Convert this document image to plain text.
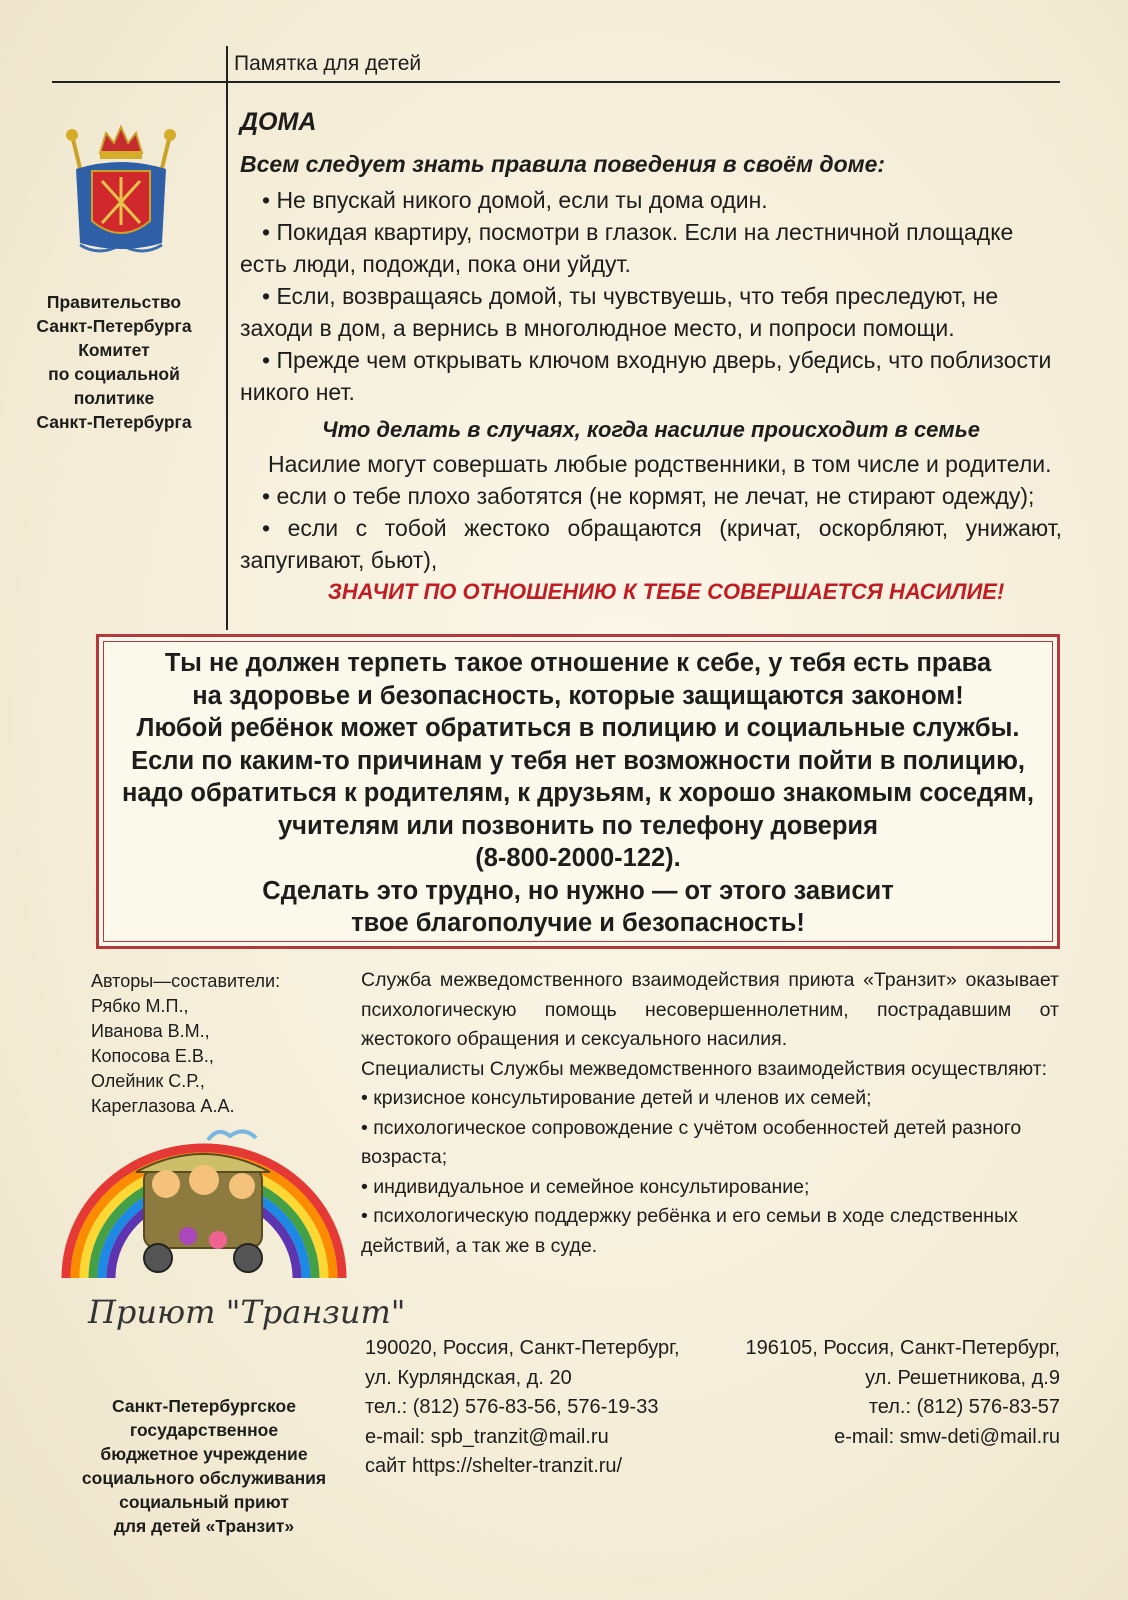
Памятка для детей
Правительство
Санкт-Петербурга
Комитет
по социальной
политике
Санкт-Петербурга
ДОМА
Всем следует знать правила поведения в своём доме:

• Не впускай никого домой, если ты дома один.

• Покидая квартиру, посмотри в глазок. Если на лестничной площадке есть люди, подожди, пока они уйдут.

• Если, возвращаясь домой, ты чувствуешь, что тебя преследуют, не заходи в дом, а вернись в многолюдное место, и попроси помощи.

• Прежде чем открывать ключом входную дверь, убедись, что поблизости никого нет.

Что делать в случаях, когда насилие происходит в семье

Насилие могут совершать любые родственники, в том числе и родители.

• если о тебе плохо заботятся (не кормят, не лечат, не стирают одежду);

• если с тобой жестоко обращаются (кричат, оскорбляют, унижают, запугивают, бьют),

ЗНАЧИТ ПО ОТНОШЕНИЮ К ТЕБЕ СОВЕРШАЕТСЯ НАСИЛИЕ!
Ты не должен терпеть такое отношение к себе, у тебя есть права
на здоровье и безопасность, которые защищаются законом!
Любой ребёнок может обратиться в полицию и социальные службы.
Если по каким-то причинам у тебя нет возможности пойти в полицию,
надо обратиться к родителям, к друзьям, к хорошо знакомым соседям,
учителям или позвонить по телефону доверия
(8-800-2000-122).
Сделать это трудно, но нужно — от этого зависит
твое благополучие и безопасность!
Авторы—составители:
Рябко М.П.,
Иванова В.М.,
Копосова Е.В.,
Олейник С.Р.,
Кареглазова А.А.

Служба межведомственного взаимодействия приюта «Транзит» оказывает психологическую помощь несовершеннолетним, пострадавшим от жестокого обращения и сексуального насилия.

Специалисты Службы межведомственного взаимодействия осуществляют:

• кризисное консультирование детей и членов их семей;

• психологическое сопровождение с учётом особенностей детей разного возраста;

• индивидуальное и семейное консультирование;

• психологическую поддержку ребёнка и его семьи в ходе следственных действий, а так же в суде.

Приют "Транзит"
Санкт-Петербургское
государственное
бюджетное учреждение
социального обслуживания
социальный приют
для детей «Транзит»
190020, Россия, Санкт-Петербург,
ул. Курляндская, д. 20
тел.: (812) 576-83-56, 576-19-33
e-mail: spb_tranzit@mail.ru
сайт https://shelter-tranzit.ru/
196105, Россия, Санкт-Петербург,
ул. Решетникова, д.9
тел.: (812) 576-83-57
e-mail: smw-deti@mail.ru
